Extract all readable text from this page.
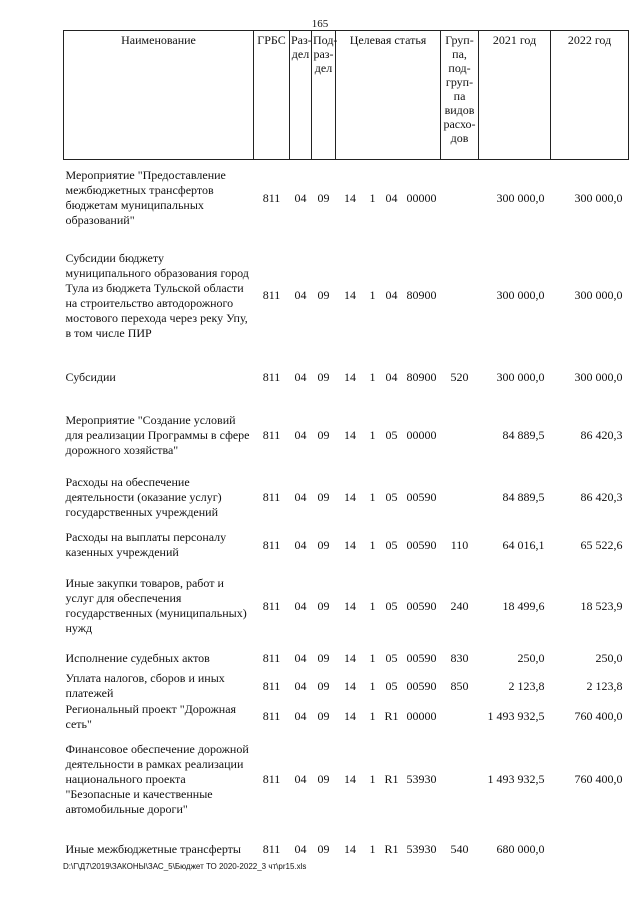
165
Наименование	ГРБС	Раз-дел	Под-раз-дел	Целевая статья				Груп-па, под-груп-па видов расхо-дов	2021 год	2022 год
Мероприятие "Предоставление межбюджетных трансфертов бюджетам муниципальных образований"	811	04	09	14	1	04	00000		300 000,0	300 000,0
Субсидии бюджету муниципального образования город Тула из бюджета Тульской области на строительство автодорожного мостового перехода через реку Упу, в том числе ПИР	811	04	09	14	1	04	80900		300 000,0	300 000,0
Субсидии	811	04	09	14	1	04	80900	520	300 000,0	300 000,0
Мероприятие "Создание условий для реализации Программы в сфере дорожного хозяйства"	811	04	09	14	1	05	00000		84 889,5	86 420,3
Расходы на обеспечение деятельности (оказание услуг) государственных учреждений	811	04	09	14	1	05	00590		84 889,5	86 420,3
Расходы на выплаты персоналу казенных учреждений	811	04	09	14	1	05	00590	110	64 016,1	65 522,6
Иные закупки товаров, работ и услуг для обеспечения государственных (муниципальных) нужд	811	04	09	14	1	05	00590	240	18 499,6	18 523,9
Исполнение судебных актов	811	04	09	14	1	05	00590	830	250,0	250,0
Уплата налогов, сборов и иных платежей	811	04	09	14	1	05	00590	850	2 123,8	2 123,8
Региональный проект "Дорожная сеть"	811	04	09	14	1	R1	00000		1 493 932,5	760 400,0
Финансовое обеспечение дорожной деятельности в рамках реализации национального проекта "Безопасные и качественные автомобильные дороги"	811	04	09	14	1	R1	53930		1 493 932,5	760 400,0
Иные межбюджетные трансферты	811	04	09	14	1	R1	53930	540	680 000,0	
D:\Г\Д7\2019\ЗАКОНЫ\ЗАС_5\Бюджет ТО 2020-2022_3 чт\pr15.xls
